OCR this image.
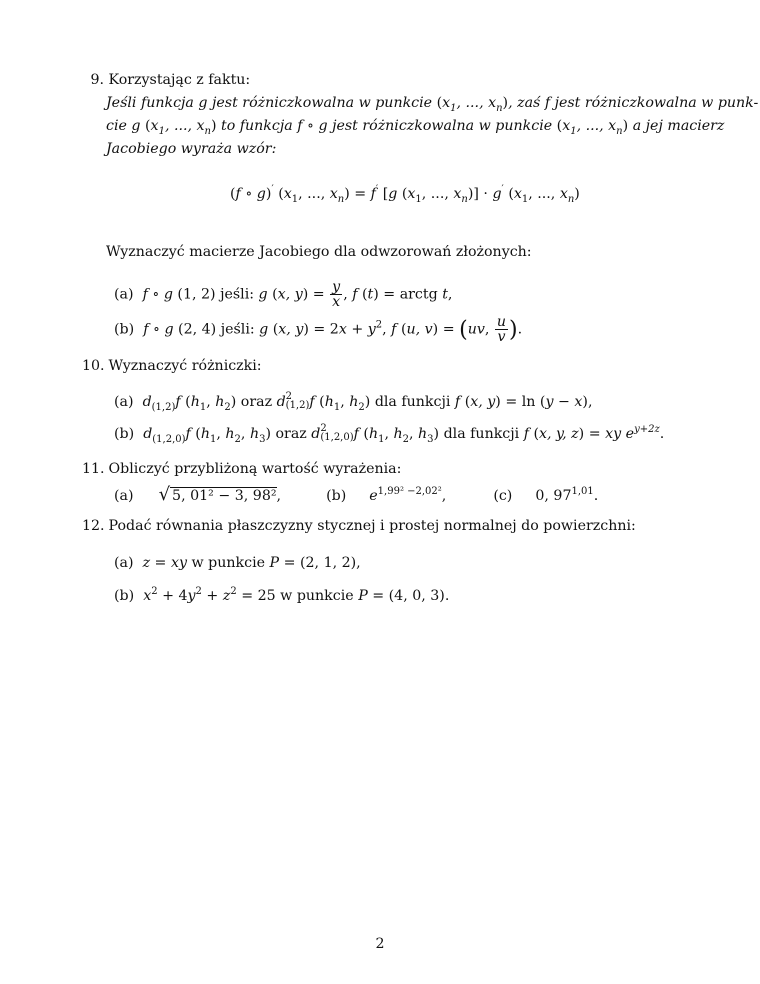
9. Korzystając z faktu:
Jeśli funkcja g jest różniczkowalna w punkcie ($x_1$, ..., $x_n$), zaś f jest różniczkowalna w punk-
cie g ($x_1$, ..., $x_n$) to funkcja f ∘ g jest różniczkowalna w punkcie ($x_1$, ..., $x_n$) a jej macierz
Jacobiego wyraża wzór:
(f ∘ g)′ ($x_1$, ..., $x_n) = f'$ [g ($x_1$, ..., $x_n)] \cdot g'$ ($x_1$, ..., $x_n$)
Wyznaczyć macierze Jacobiego dla odwzorowań złożonych:
(a) f ∘ g (1, 2) jeśli: g (x, $y) = \frac{y}{x}$ , f (t) = arctg t,
(b) f ∘ g (2, 4) jeśli: g (x, $y) = 2x + y^2$, f (u, v) = (uv, $\frac{u}{v}$ ).
10. Wyznaczyć różniczki:
(a) $d_{(1,2)}f$ ($h_1$, $h_2$) oraz d 2
(1,2) f ($h_1$, $h_2$) dla funkcji f (x, y) = ln (y − x),
(b) $d_{(1,2,0)}f$ ($h_1$, $h_2$, $h_3$) oraz d 2
(1,2,0) f ($h_1$, $h_2$, $h_3$) dla funkcji f (x, y, z) = xy $e^{y+2z}$.
11. Obliczyć przybliżoną wartość wyrażenia:
(a) √ 5, 01² − 3, 98²,	(b) $e^{1,99^2 -2,02^2}$,	(c) 0, 97$^{1,01}$.
12. Podać równania płaszczyzny stycznej i prostej normalnej do powierzchni:
(a) z = xy w punkcie P = (2, 1, 2),
(b) $x^2 + 4y^2 + z^2 = 25$ w punkcie P = (4, 0, 3).
2
